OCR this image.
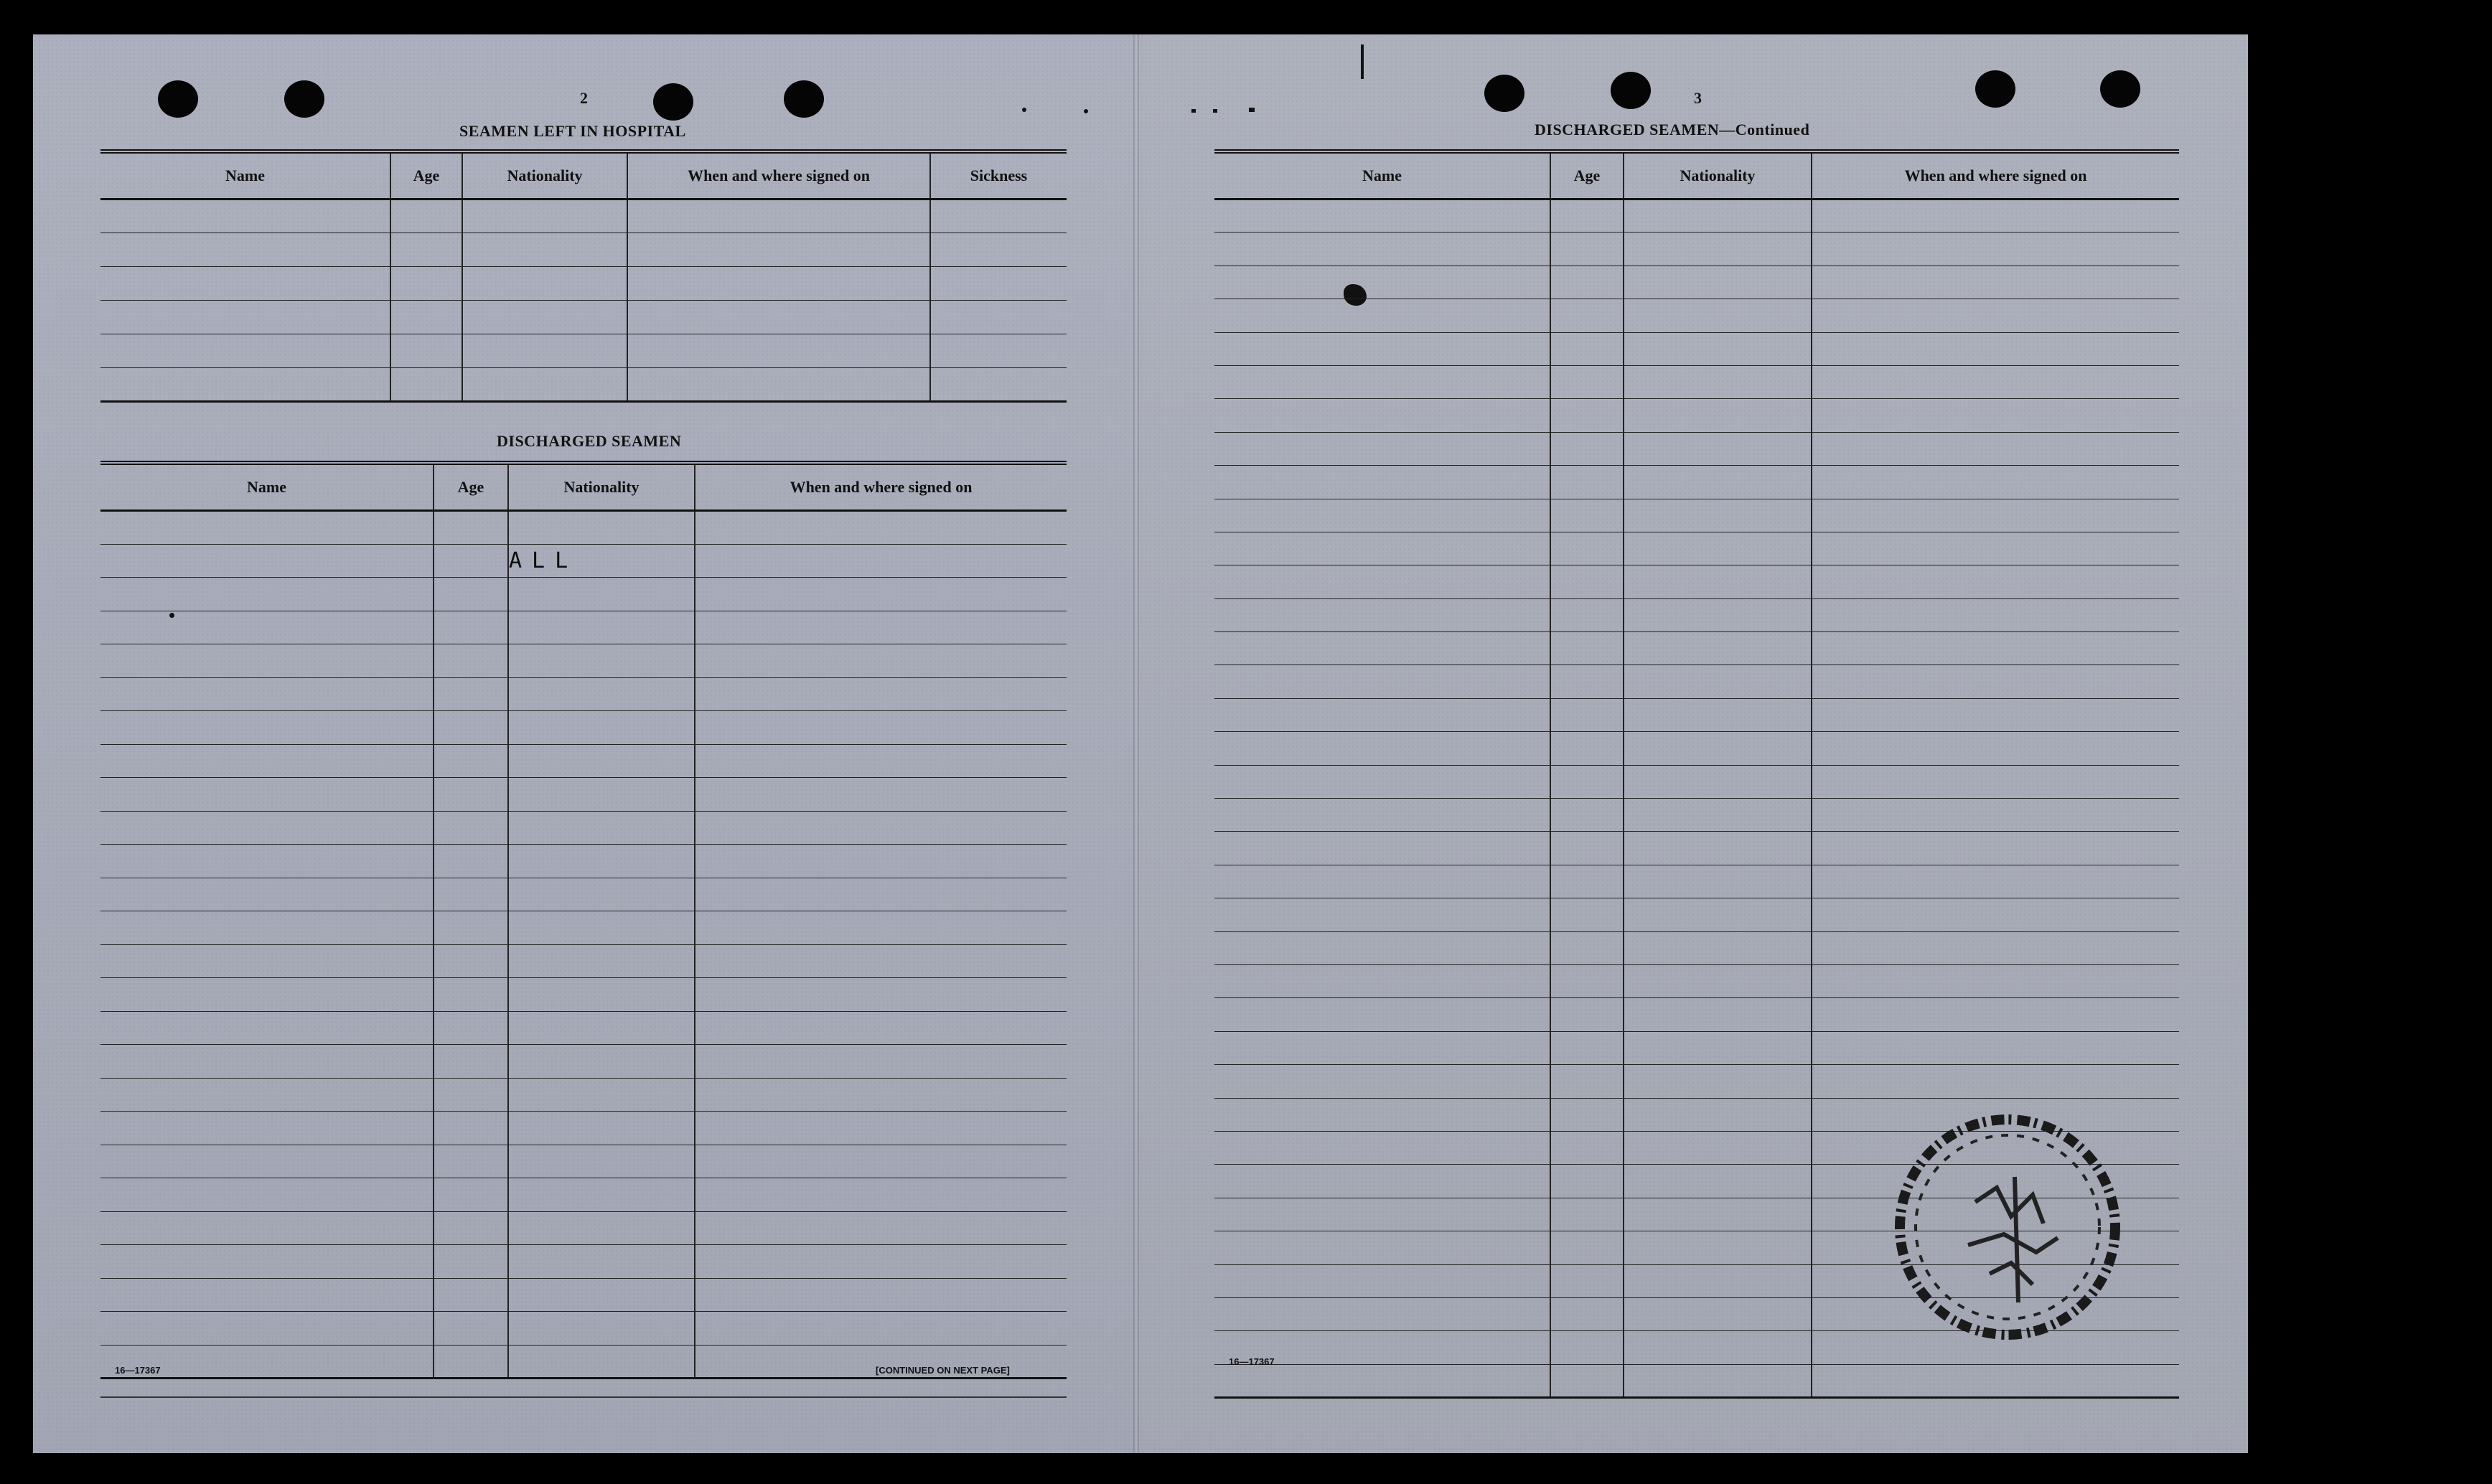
2
SEAMEN LEFT IN HOSPITAL
Name	Age	Nationality	When and where signed on	Sickness

DISCHARGED SEAMEN
Name	Age	Nationality	When and where signed on

		ALL	

16—17367	[CONTINUED ON NEXT PAGE]
3
DISCHARGED SEAMEN—Continued
Name	Age	Nationality	When and where signed on

16—17367
